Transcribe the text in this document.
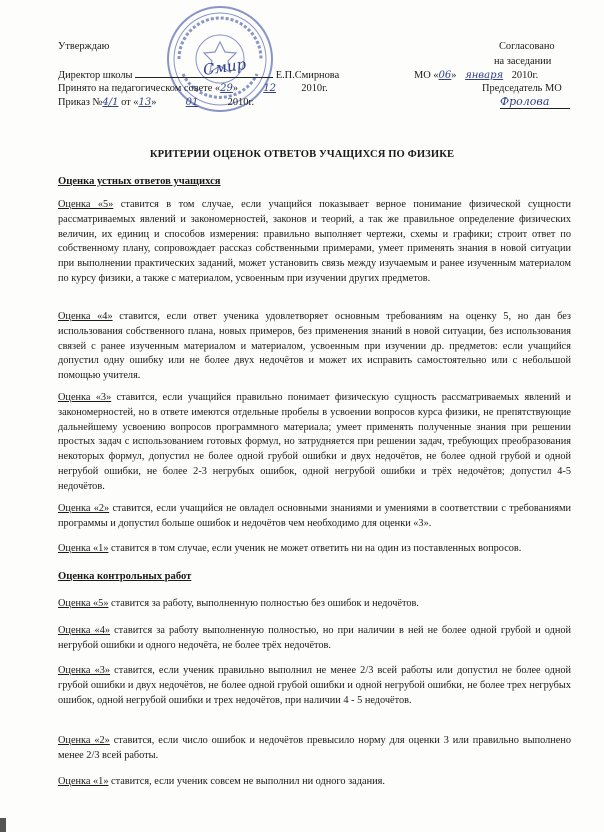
Утверждаю
Директор школы	Е.П.Смирнова
Принято на педагогическом совете «29»	12 2010г.
Приказ №4/1 от «13»	01	2010г.
Смир
Согласовано
на заседании
МО «06» января 2010г.
Председатель МО
Фролова
КРИТЕРИИ ОЦЕНОК ОТВЕТОВ УЧАЩИХСЯ ПО ФИЗИКЕ
Оценка устных ответов учащихся
Оценка «5» ставится в том случае, если учащийся показывает верное понимание физической сущности рассматриваемых явлений и закономерностей, законов и теорий, а так же правильное определение физических величин, их единиц и способов измерения: правильно выполняет чертежи, схемы и графики; строит ответ по собственному плану, сопровождает рассказ собственными примерами, умеет применять знания в новой ситуации при выполнении практических заданий, может установить связь между изучаемым и ранее изученным материалом по курсу физики, а также с материалом, усвоенным при изучении других предметов.
Оценка «4» ставится, если ответ ученика удовлетворяет основным требованиям на оценку 5, но дан без использования собственного плана, новых примеров, без применения знаний в новой ситуации, без использования связей с ранее изученным материалом и материалом, усвоенным при изучении др. предметов: если учащийся допустил одну ошибку или не более двух недочётов и может их исправить самостоятельно или с небольшой помощью учителя.
Оценка «3» ставится, если учащийся правильно понимает физическую сущность рассматриваемых явлений и закономерностей, но в ответе имеются отдельные пробелы в усвоении вопросов курса физики, не препятствующие дальнейшему усвоению вопросов программного материала; умеет применять полученные знания при решении простых задач с использованием готовых формул, но затрудняется при решении задач, требующих преобразования некоторых формул, допустил не более одной грубой ошибки и двух недочётов, не более одной грубой и одной негрубой ошибки, не более 2-3 негрубых ошибок, одной негрубой ошибки и трёх недочётов; допустил 4-5 недочётов.
Оценка «2» ставится, если учащийся не овладел основными знаниями и умениями в соответствии с требованиями программы и допустил больше ошибок и недочётов чем необходимо для оценки «3».
Оценка «1» ставится в том случае, если ученик не может ответить ни на один из поставленных вопросов.
Оценка контрольных работ
Оценка «5» ставится за работу, выполненную полностью без ошибок и недочётов.
Оценка «4» ставится за работу выполненную полностью, но при наличии в ней не более одной грубой и одной негрубой ошибки и одного недочёта, не более трёх недочётов.
Оценка «3» ставится, если ученик правильно выполнил не менее 2/3 всей работы или допустил не более одной грубой ошибки и двух недочётов, не более одной грубой ошибки и одной негрубой ошибки, не более трех негрубых ошибок, одной негрубой ошибки и трех недочётов, при наличии 4 - 5 недочётов.
Оценка «2» ставится, если число ошибок и недочётов превысило норму для оценки 3 или правильно выполнено менее 2/3 всей работы.
Оценка «1» ставится, если ученик совсем не выполнил ни одного задания.
